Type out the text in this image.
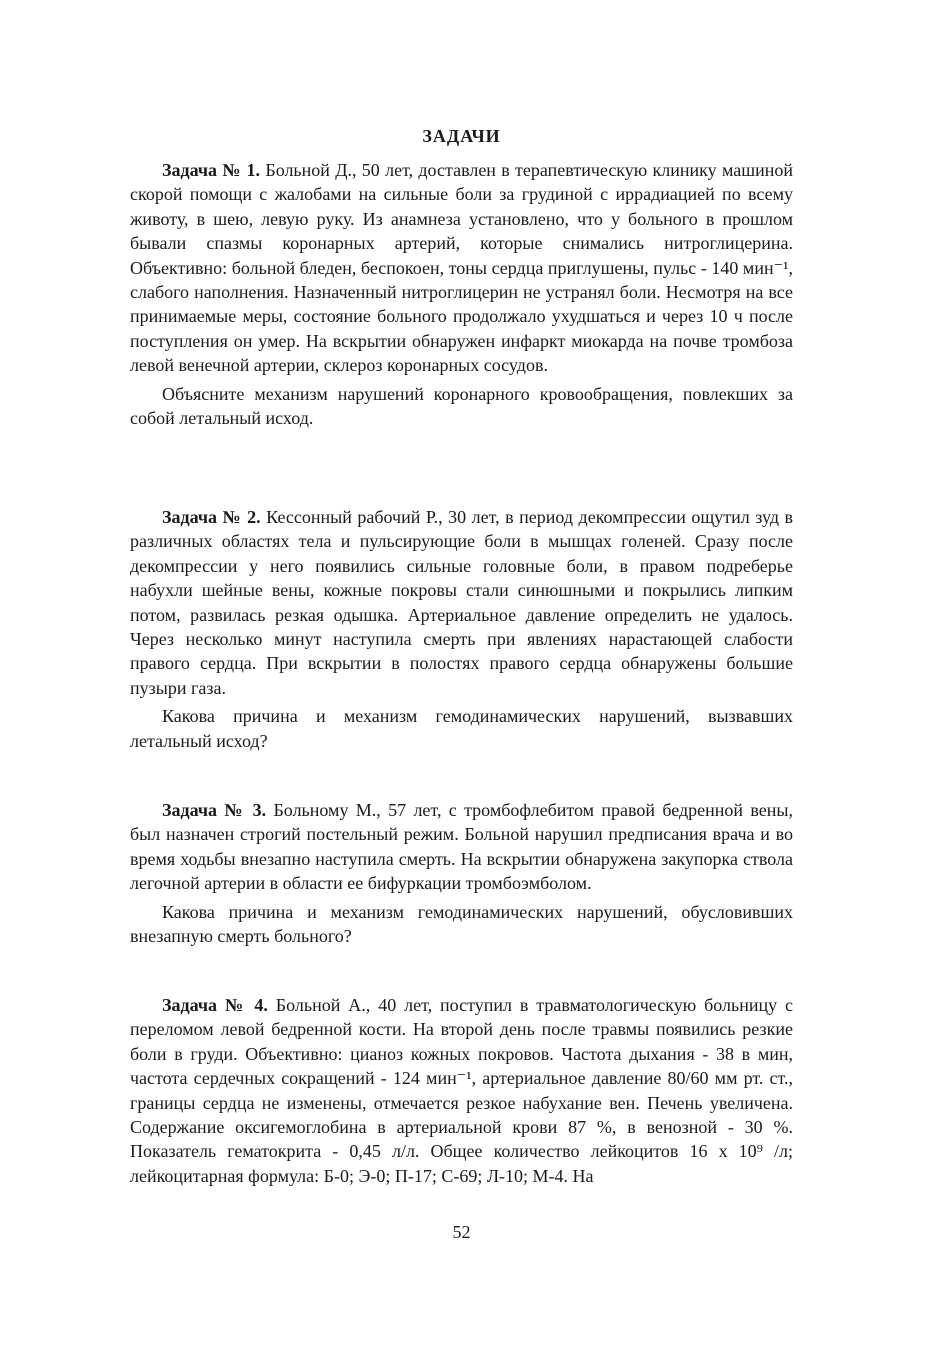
ЗАДАЧИ

Задача № 1. Больной Д., 50 лет, доставлен в терапевтическую клинику машиной скорой помощи с жалобами на сильные боли за грудиной с иррадиацией по всему животу, в шею, левую руку. Из анамнеза установлено, что у больного в прошлом бывали спазмы коронарных артерий, которые снимались нитроглицерина. Объективно: больной бледен, беспокоен, тоны сердца приглушены, пульс - 140 мин⁻¹, слабого наполнения. Назначенный нитроглицерин не устранял боли. Несмотря на все принимаемые меры, состояние больного продолжало ухудшаться и через 10 ч после поступления он умер. На вскрытии обнаружен инфаркт миокарда на почве тромбоза левой венечной артерии, склероз коронарных сосудов.

Объясните механизм нарушений коронарного кровообращения, повлекших за собой летальный исход.

Задача № 2. Кессонный рабочий Р., 30 лет, в период декомпрессии ощутил зуд в различных областях тела и пульсирующие боли в мышцах голеней. Сразу после декомпрессии у него появились сильные головные боли, в правом подреберье набухли шейные вены, кожные покровы стали синюшными и покрылись липким потом, развилась резкая одышка. Артериальное давление определить не удалось. Через несколько минут наступила смерть при явлениях нарастающей слабости правого сердца. При вскрытии в полостях правого сердца обнаружены большие пузыри газа.

Какова причина и механизм гемодинамических нарушений, вызвавших летальный исход?

Задача № 3. Больному М., 57 лет, с тромбофлебитом правой бедренной вены, был назначен строгий постельный режим. Больной нарушил предписания врача и во время ходьбы внезапно наступила смерть. На вскрытии обнаружена закупорка ствола легочной артерии в области ее бифуркации тромбоэмболом.

Какова причина и механизм гемодинамических нарушений, обусловивших внезапную смерть больного?

Задача № 4. Больной А., 40 лет, поступил в травматологическую больницу с переломом левой бедренной кости. На второй день после травмы появились резкие боли в груди. Объективно: цианоз кожных покровов. Частота дыхания - 38 в мин, частота сердечных сокращений - 124 мин⁻¹, артериальное давление 80/60 мм рт. ст., границы сердца не изменены, отмечается резкое набухание вен. Печень увеличена. Содержание оксигемоглобина в артериальной крови 87 %, в венозной - 30 %. Показатель гематокрита - 0,45 л/л. Общее количество лейкоцитов 16 х 10⁹ /л; лейкоцитарная формула: Б-0; Э-0; П-17; С-69; Л-10; М-4. На

52
